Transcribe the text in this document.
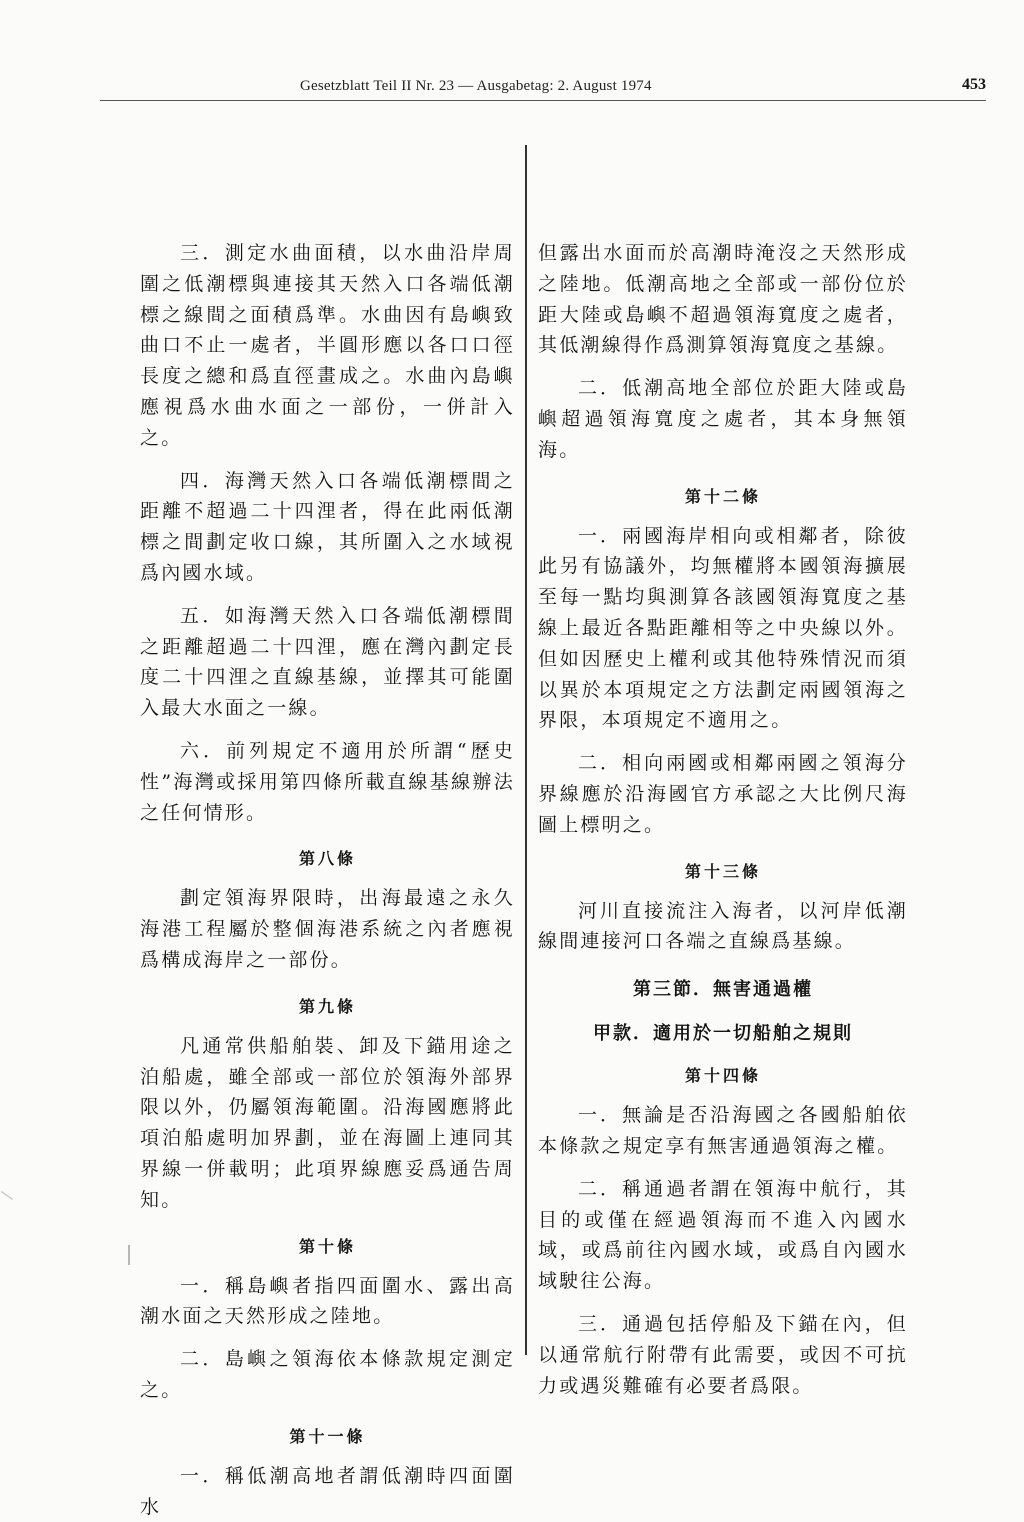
Gesetzblatt Teil II Nr. 23 — Ausgabetag: 2. August 1974	453

三．測定水曲面積，以水曲沿岸周圍之低潮標與連接其天然入口各端低潮標之線間之面積爲準。水曲因有島嶼致曲口不止一處者，半圓形應以各口口徑長度之總和爲直徑畫成之。水曲內島嶼應視爲水曲水面之一部份，一併計入之。

四．海灣天然入口各端低潮標間之距離不超過二十四浬者，得在此兩低潮標之間劃定收口線，其所圍入之水域視爲內國水域。

五．如海灣天然入口各端低潮標間之距離超過二十四浬，應在灣內劃定長度二十四浬之直線基線，並擇其可能圍入最大水面之一線。

六．前列規定不適用於所謂“歷史性”海灣或採用第四條所載直線基線辦法之任何情形。

第八條

劃定領海界限時，出海最遠之永久海港工程屬於整個海港系統之內者應視爲構成海岸之一部份。

第九條

凡通常供船舶裝、卸及下錨用途之泊船處，雖全部或一部位於領海外部界限以外，仍屬領海範圍。沿海國應將此項泊船處明加界劃，並在海圖上連同其界線一併載明；此項界線應妥爲通告周知。

第十條

一．稱島嶼者指四面圍水、露出高潮水面之天然形成之陸地。

二．島嶼之領海依本條款規定測定之。

第十一條

一．稱低潮高地者謂低潮時四面圍水

但露出水面而於高潮時淹沒之天然形成之陸地。低潮高地之全部或一部份位於距大陸或島嶼不超過領海寬度之處者，其低潮線得作爲測算領海寬度之基線。

二．低潮高地全部位於距大陸或島嶼超過領海寬度之處者，其本身無領海。

第十二條

一．兩國海岸相向或相鄰者，除彼此另有協議外，均無權將本國領海擴展至每一點均與測算各該國領海寬度之基線上最近各點距離相等之中央線以外。但如因歷史上權利或其他特殊情況而須以異於本項規定之方法劃定兩國領海之界限，本項規定不適用之。

二．相向兩國或相鄰兩國之領海分界線應於沿海國官方承認之大比例尺海圖上標明之。

第十三條

河川直接流注入海者，以河岸低潮線間連接河口各端之直線爲基線。

第三節．無害通過權
甲款．適用於一切船舶之規則
第十四條

一．無論是否沿海國之各國船舶依本條款之規定享有無害通過領海之權。

二．稱通過者謂在領海中航行，其目的或僅在經過領海而不進入內國水域，或爲前往內國水域，或爲自內國水域駛往公海。

三．通過包括停船及下錨在內，但以通常航行附帶有此需要，或因不可抗力或遇災難確有必要者爲限。
